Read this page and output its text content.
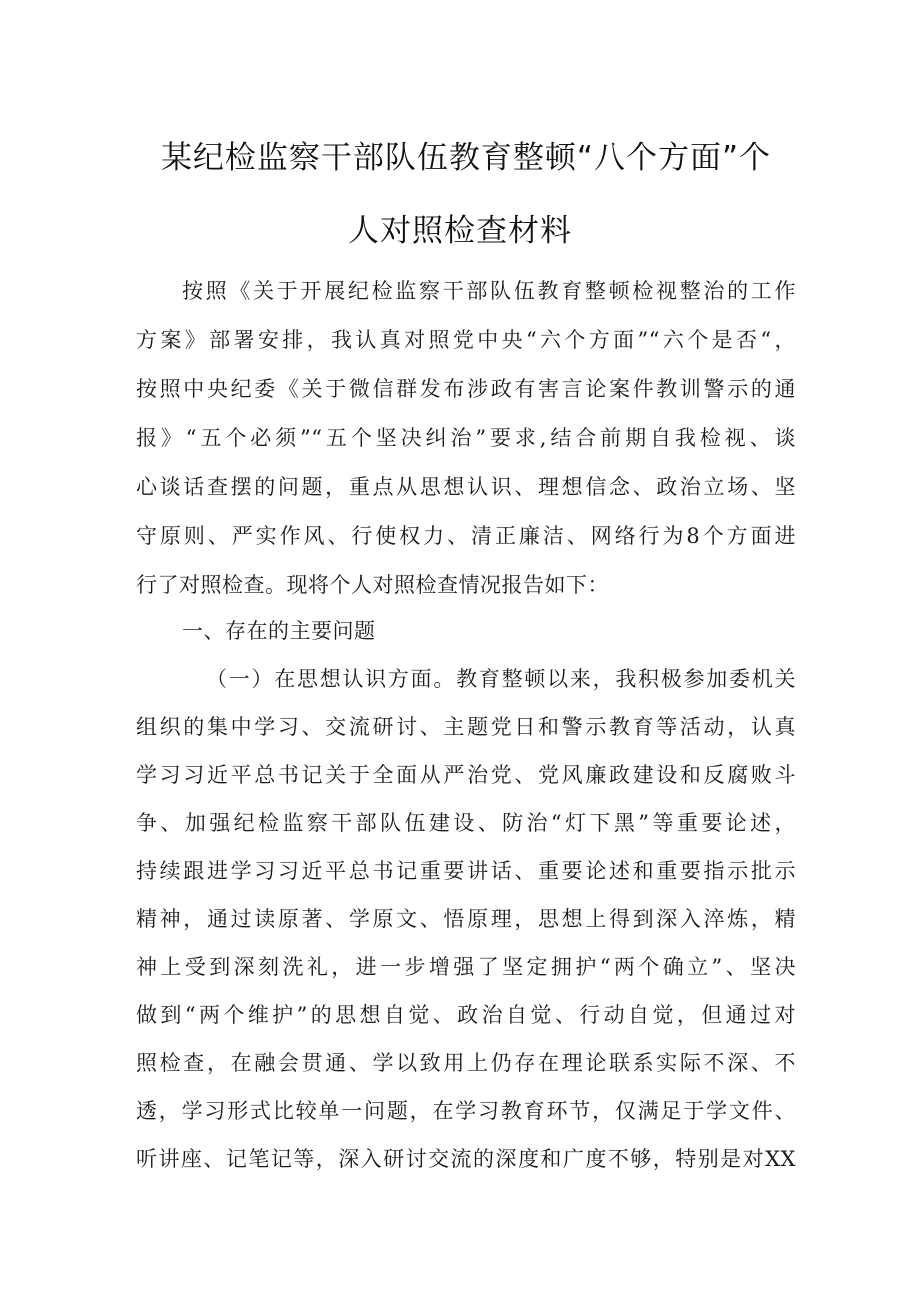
某纪检监察干部队伍教育整顿“八个方面”个
人对照检查材料
按照《关于开展纪检监察干部队伍教育整顿检视整治的工作
方案》部署安排，我认真对照党中央“六个方面”“六个是否“，
按照中央纪委《关于微信群发布涉政有害言论案件教训警示的通
报》“五个必须”“五个坚决纠治”要求,结合前期自我检视、谈
心谈话查摆的问题，重点从思想认识、理想信念、政治立场、坚
守原则、严实作风、行使权力、清正廉洁、网络行为8个方面进
行了对照检查。现将个人对照检查情况报告如下：
一、存在的主要问题
（一）在思想认识方面。教育整顿以来，我积极参加委机关
组织的集中学习、交流研讨、主题党日和警示教育等活动，认真
学习习近平总书记关于全面从严治党、党风廉政建设和反腐败斗
争、加强纪检监察干部队伍建设、防治“灯下黑”等重要论述，
持续跟进学习习近平总书记重要讲话、重要论述和重要指示批示
精神，通过读原著、学原文、悟原理，思想上得到深入淬炼，精
神上受到深刻洗礼，进一步增强了坚定拥护“两个确立”、坚决
做到“两个维护”的思想自觉、政治自觉、行动自觉，但通过对
照检查，在融会贯通、学以致用上仍存在理论联系实际不深、不
透，学习形式比较单一问题，在学习教育环节，仅满足于学文件、
听讲座、记笔记等，深入研讨交流的深度和广度不够，特别是对XX
